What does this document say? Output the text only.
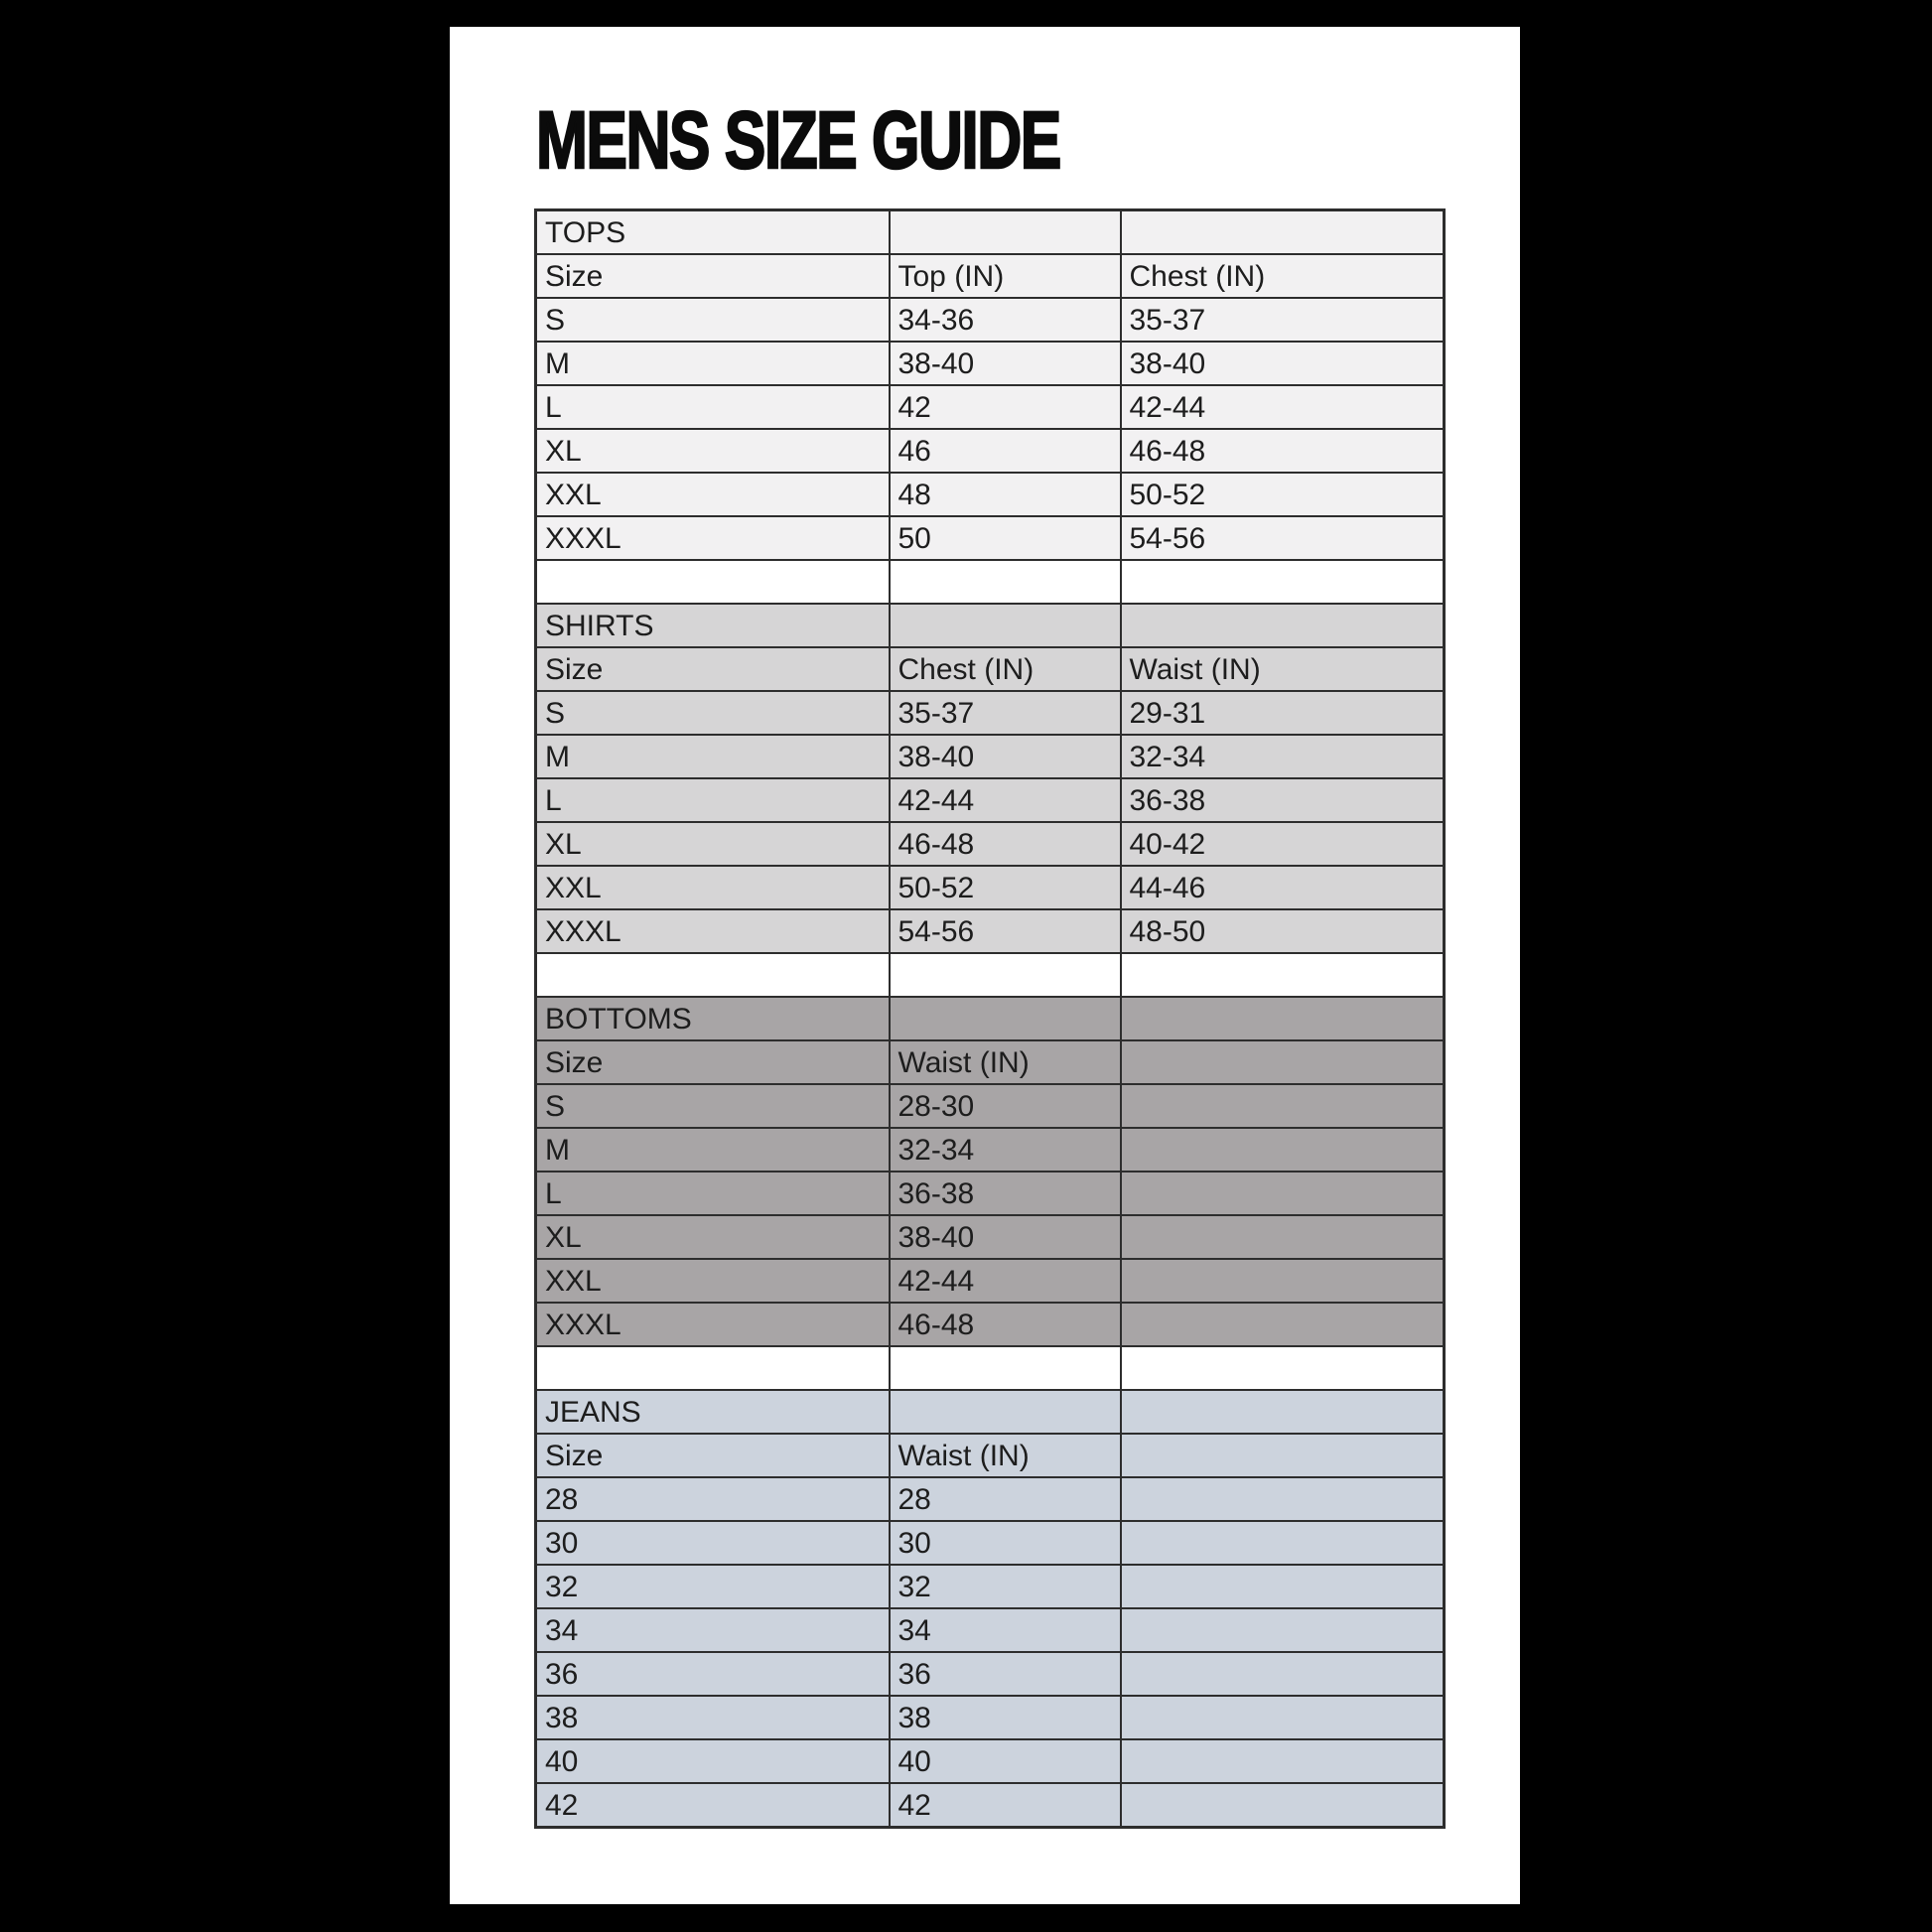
MENS SIZE GUIDE
TOPS		
Size	Top (IN)	Chest (IN)
S	34-36	35-37
M	38-40	38-40
L	42	42-44
XL	46	46-48
XXL	48	50-52
XXXL	50	54-56

SHIRTS		
Size	Chest (IN)	Waist (IN)
S	35-37	29-31
M	38-40	32-34
L	42-44	36-38
XL	46-48	40-42
XXL	50-52	44-46
XXXL	54-56	48-50

BOTTOMS		
Size	Waist (IN)	
S	28-30	
M	32-34	
L	36-38	
XL	38-40	
XXL	42-44	
XXXL	46-48	

JEANS		
Size	Waist (IN)	
28	28	
30	30	
32	32	
34	34	
36	36	
38	38	
40	40	
42	42	
